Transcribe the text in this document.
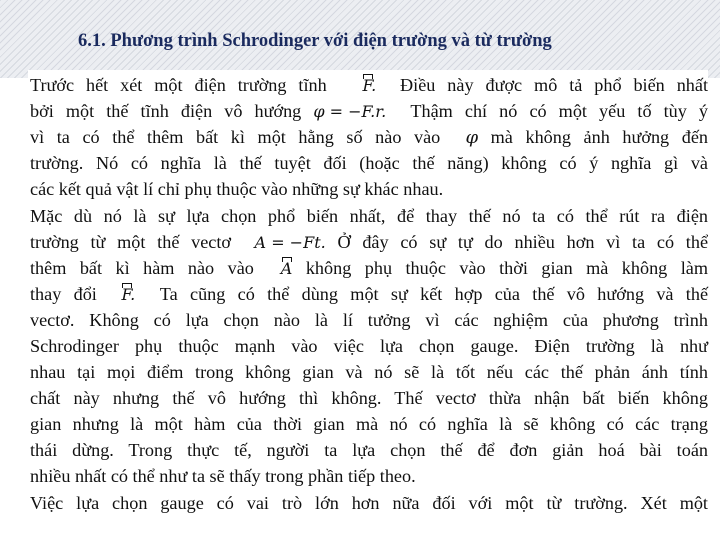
6.1. Phương trình Schrodinger với điện trường và từ trường
Trước hết xét một điện trường tĩnh F. Điều này được mô tả phổ biến nhất
bởi một thế tĩnh điện vô hướng φ = −F.r. Thậm chí nó có một yếu tố tùy ý
vì ta có thể thêm bất kì một hằng số nào vào φ mà không ảnh hưởng đến
trường. Nó có nghĩa là thế tuyệt đối (hoặc thế năng) không có ý nghĩa gì và
các kết quả vật lí chỉ phụ thuộc vào những sự khác nhau.
Mặc dù nó là sự lựa chọn phổ biến nhất, để thay thế nó ta có thể rút ra điện
trường từ một thế vectơ A = −Ft. Ở đây có sự tự do nhiều hơn vì ta có thể
thêm bất kì hàm nào vào A không phụ thuộc vào thời gian mà không làm
thay đổi F. Ta cũng có thể dùng một sự kết hợp của thế vô hướng và thế
vectơ. Không có lựa chọn nào là lí tưởng vì các nghiệm của phương trình
Schrodinger phụ thuộc mạnh vào việc lựa chọn gauge. Điện trường là như
nhau tại mọi điểm trong không gian và nó sẽ là tốt nếu các thế phản ánh tính
chất này nhưng thế vô hướng thì không. Thế vectơ thừa nhận bất biến không
gian nhưng là một hàm của thời gian mà nó có nghĩa là sẽ không có các trạng
thái dừng. Trong thực tế, người ta lựa chọn thế để đơn giản hoá bài toán
nhiều nhất có thể như ta sẽ thấy trong phần tiếp theo.
Việc lựa chọn gauge có vai trò lớn hơn nữa đối với một từ trường. Xét một
